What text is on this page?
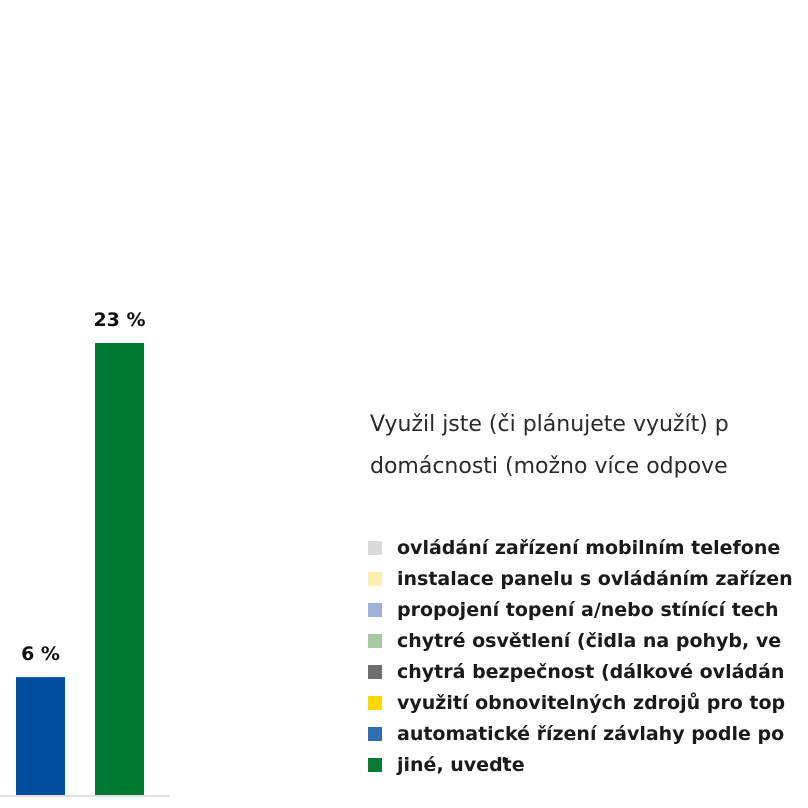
6 %
23 %
Využil jste (či plánujete využít) p
domácnosti (možno více odpove
ovládání zařízení mobilním telefone
instalace panelu s ovládáním zařízen
propojení topení a/nebo stínící tech
chytré osvětlení (čidla na pohyb, ve
chytrá bezpečnost (dálkové ovládán
využití obnovitelných zdrojů pro top
automatické řízení závlahy podle po
jiné, uveďte
